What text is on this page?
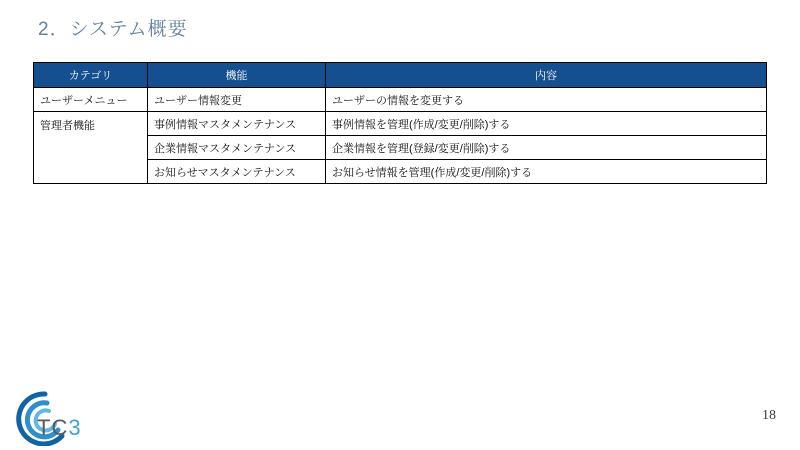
2．システム概要
カテゴリ	機能	内容
ユーザーメニュー	ユーザー情報変更	ユーザーの情報を変更する
管理者機能	事例情報マスタメンテナンス	事例情報を管理(作成/変更/削除)する
	企業情報マスタメンテナンス	企業情報を管理(登録/変更/削除)する
	お知らせマスタメンテナンス	お知らせ情報を管理(作成/変更/削除)する
TC3	18
